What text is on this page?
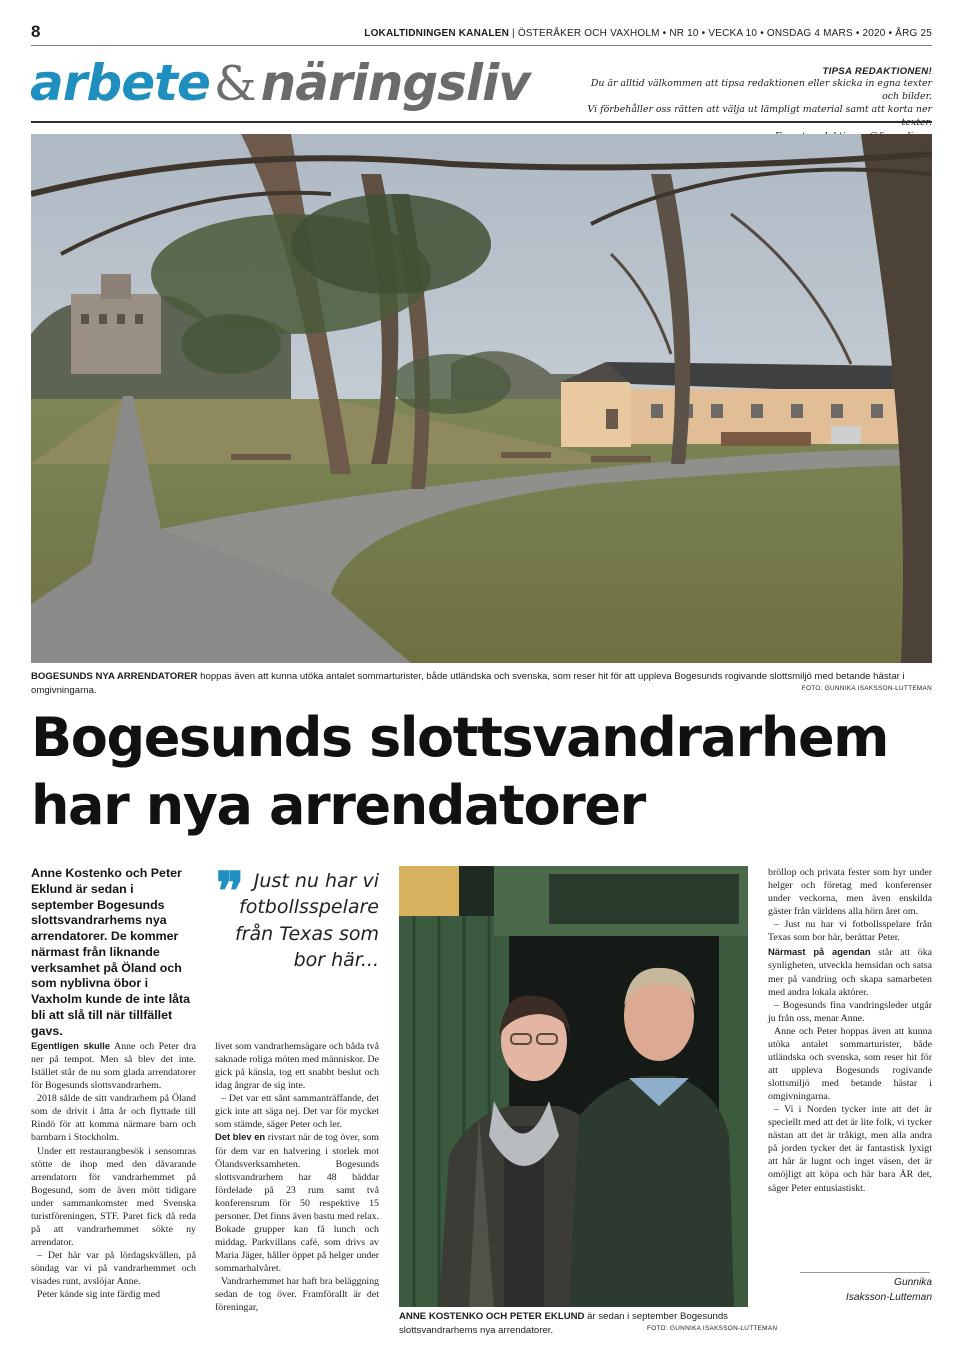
8	LOKALTIDNINGEN KANALEN | ÖSTERÅKER OCH VAXHOLM • NR 10 • VECKA 10 • ONSDAG 4 MARS • 2020 • ÅRG 25
arbete&näringsliv	TIPSA REDAKTIONEN!
Du är alltid välkommen att tipsa redaktionen eller skicka in egna texter och bilder.
Vi förbehåller oss rätten att välja ut lämpligt material samt att korta ner
BOGESUNDS NYA ARRENDATORER hoppas även att kunna utöka antalet sommarturister, både utländska och svenska, som reser hit för att uppleva Bogesunds rogivande slottsmiljö med betande hästar i omgivningarna.	FOTO: GUNNIKA ISAKSSON-LUTTEMAN
Bogesunds slottsvandrarhem
har nya arrendatorer
Anne Kostenko och Peter Eklund är sedan i september Bogesunds slottsvandrarhems nya arrendatorer. De kommer närmast från liknande verksamhet på Öland och som nyblivna öbor i Vaxholm kunde de inte låta bli att slå till när tillfället gavs.

Egentligen skulle Anne och Peter dra ner på tempot. Men så blev det inte. Istället står de nu som glada arrendatorer för Bogesunds slottsvandrarhem.

2018 sålde de sitt vandrarhem på Öland som de drivit i åtta år och flyttade till Rindö för att komma närmare barn och barnbarn i Stockholm.

Under ett restaurangbesök i sensomras stötte de ihop med den dåvarande arrendatorn för vandrarhemmet på Bogesund, som de även mött tidigare under sammankomster med Svenska turistföreningen, STF. Paret fick då reda på att vandrarhemmet sökte ny arrendator.

– Det här var på lördagskvällen, på söndag var vi på vandrarhemmet och visades runt, avslöjar Anne.

Peter kände sig inte färdig med

❞ Just nu har vi fotbollsspelare från Texas som bor här...

livet som vandrarhemsägare och båda två saknade roliga möten med människor. De gick på känsla, tog ett snabbt beslut och idag ångrar de sig inte.

– Det var ett sånt sammanträffande, det gick inte att säga nej. Det var för mycket som stämde, säger Peter och ler.

Det blev en rivstart när de tog över, som för dem var en halvering i storlek mot Ölandsverksamheten. Bogesunds slottsvandrarhem har 48 bäddar fördelade på 23 rum samt två konferensrum för 50 respektive 15 personer. Det finns även bastu med relax. Bokade grupper kan få lunch och middag. Parkvillans café, som drivs av Maria Jäger, håller öppet på helger under sommarhalvåret.

Vandrarhemmet har haft bra beläggning sedan de tog över. Framförallt är det föreningar,

ANNE KOSTENKO OCH PETER EKLUND är sedan i september Bogesunds slottsvandrarhems nya arrendatorer.	FOTO: GUNNIKA ISAKSSON-LUTTEMAN

bröllop och privata fester som hyr under helger och företag med konferenser under veckorna, men även enskilda gäster från världens alla hörn året om.

– Just nu har vi fotbollsspelare från Texas som bor här, berättar Peter.

Närmast på agendan står att öka synligheten, utveckla hemsidan och satsa mer på vandring och skapa samarbeten med andra lokala aktörer.

– Bogesunds fina vandringsleder utgår ju från oss, menar Anne.

Anne och Peter hoppas även att kunna utöka antalet sommarturister, både utländska och svenska, som reser hit för att uppleva Bogesunds rogivande slottsmiljö med betande hästar i omgivningarna.

– Vi i Norden tycker inte att det är speciellt med att det är lite folk, vi tycker nästan att det är tråkigt, men alla andra på jorden tycker det är fantastisk lyxigt att här är lugnt och inget väsen, det är omöjligt att köpa och här bara ÄR det, säger Peter entusiastiskt.

Gunnika
Isaksson-Lutteman
